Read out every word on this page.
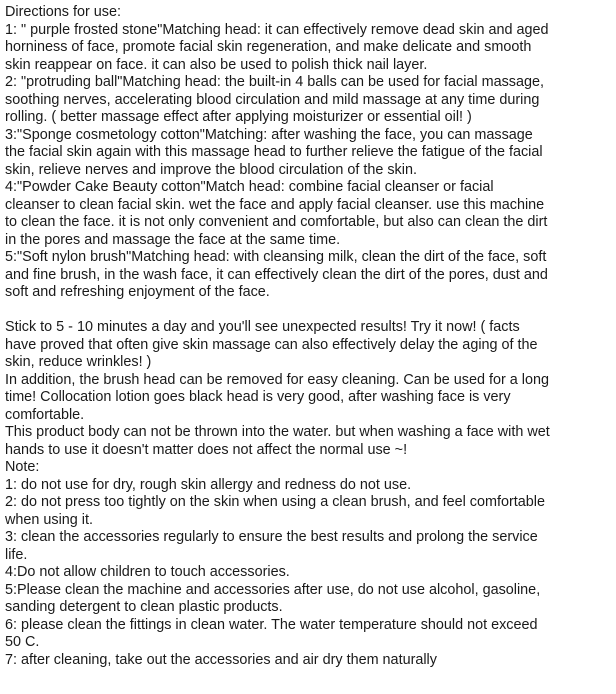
Directions for use:
1: " purple frosted stone"Matching head: it can effectively remove dead skin and aged
horniness of face, promote facial skin regeneration, and make delicate and smooth
skin reappear on face. it can also be used to polish thick nail layer.
2: "protruding ball"Matching head: the built-in 4 balls can be used for facial massage,
soothing nerves, accelerating blood circulation and mild massage at any time during
rolling. ( better massage effect after applying moisturizer or essential oil! )
3:"Sponge cosmetology cotton"Matching: after washing the face, you can massage
the facial skin again with this massage head to further relieve the fatigue of the facial
skin, relieve nerves and improve the blood circulation of the skin.
4:"Powder Cake Beauty cotton"Match head: combine facial cleanser or facial
cleanser to clean facial skin. wet the face and apply facial cleanser. use this machine
to clean the face. it is not only convenient and comfortable, but also can clean the dirt
in the pores and massage the face at the same time.
5:"Soft nylon brush"Matching head: with cleansing milk, clean the dirt of the face, soft
and fine brush, in the wash face, it can effectively clean the dirt of the pores, dust and
soft and refreshing enjoyment of the face.
Stick to 5 - 10 minutes a day and you'll see unexpected results! Try it now! ( facts
have proved that often give skin massage can also effectively delay the aging of the
skin, reduce wrinkles! )
In addition, the brush head can be removed for easy cleaning. Can be used for a long
time! Collocation lotion goes black head is very good, after washing face is very
comfortable.
This product body can not be thrown into the water. but when washing a face with wet
hands to use it doesn't matter does not affect the normal use ~!
Note:
1: do not use for dry, rough skin allergy and redness do not use.
2: do not press too tightly on the skin when using a clean brush, and feel comfortable
when using it.
3: clean the accessories regularly to ensure the best results and prolong the service
life.
4:Do not allow children to touch accessories.
5:Please clean the machine and accessories after use, do not use alcohol, gasoline,
sanding detergent to clean plastic products.
6: please clean the fittings in clean water. The water temperature should not exceed
50 C.
7: after cleaning, take out the accessories and air dry them naturally
